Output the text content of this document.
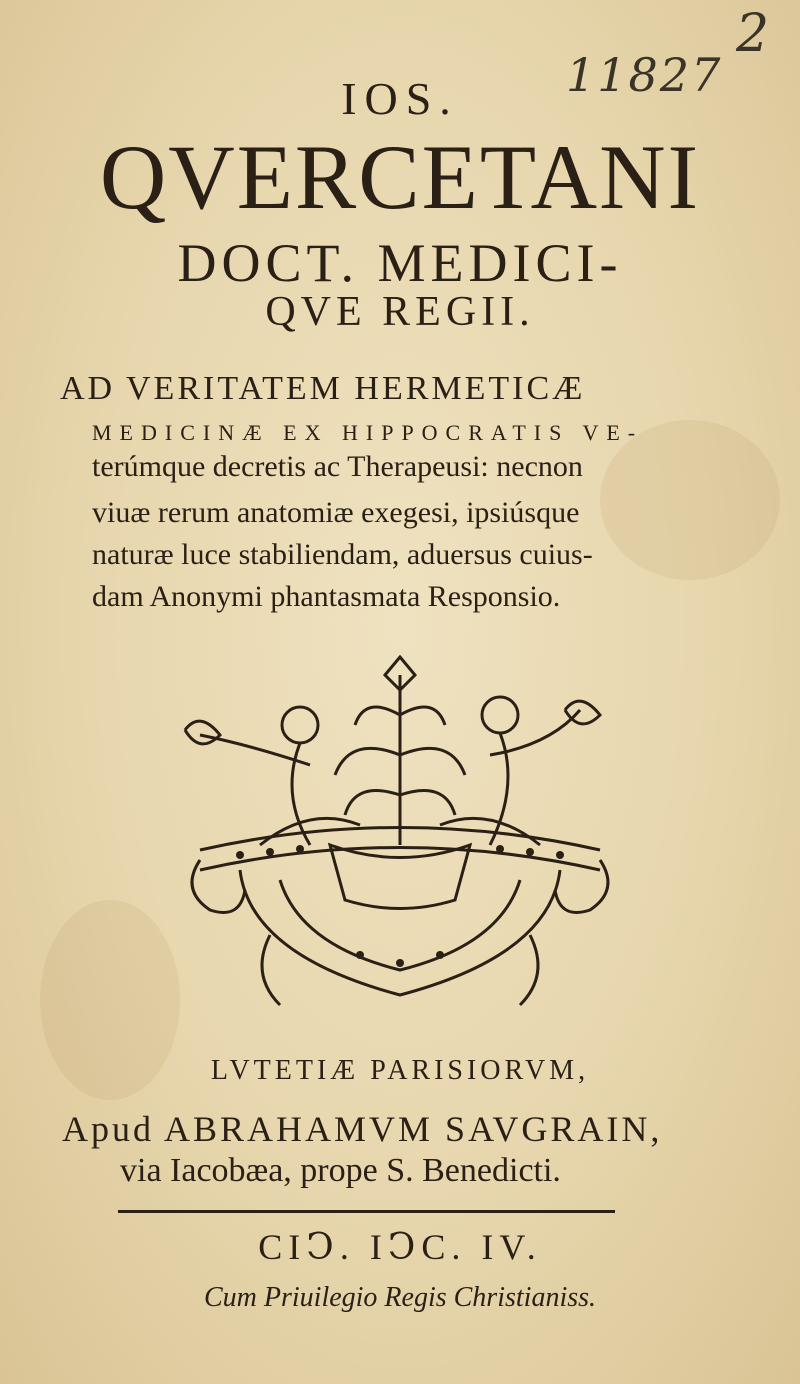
2
11827
IOS.
QVERCETANI
DOCT. MEDICI-
QVE REGII.
AD VERITATEM HERMETICÆ
MEDICINÆ EX HIPPOCRATIS VE-
terúmque decretis ac Therapeusi: necnon
viuæ rerum anatomiæ exegesi, ipsiúsque
naturæ luce stabiliendam, aduersus cuius-
dam Anonymi phantasmata Responsio.
LVTETIÆ PARISIORVM,
Apud ABRAHAMVM SAVGRAIN,
via Iacobæa, prope S. Benedicti.
CIↃ. IↃC. IV.
Cum Priuilegio Regis Christianiss.
